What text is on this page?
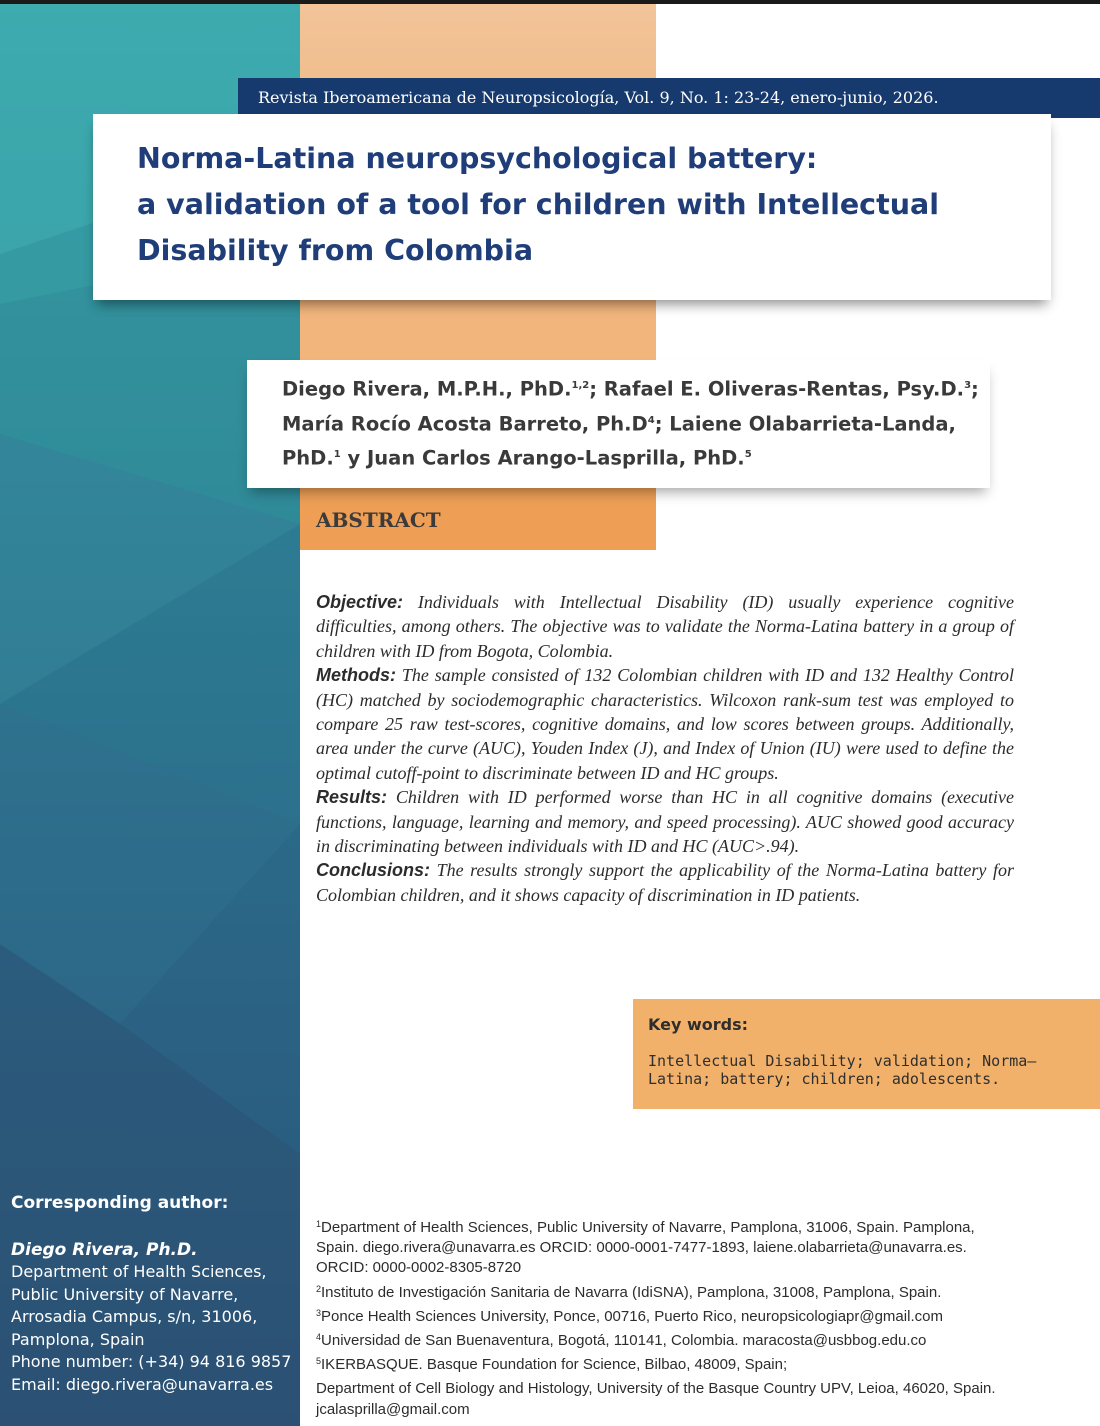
Revista Iberoamericana de Neuropsicología, Vol. 9, No. 1: 23-24, enero-junio, 2026.
Norma-Latina neuropsychological battery:
a validation of a tool for children with Intellectual
Disability from Colombia

Diego Rivera, M.P.H., PhD.$^{1,2}$; Rafael E. Oliveras-Rentas, Psy.D.$^3$; María Rocío Acosta Barreto, $Ph.D^4$; Laiene Olabarrieta-Landa, PhD.$^1$ y Juan Carlos Arango-Lasprilla, PhD.$^5$

ABSTRACT

Objective: Individuals with Intellectual Disability (ID) usually experience cognitive difficulties, among others. The objective was to validate the Norma-Latina battery in a group of children with ID from Bogota, Colombia.

Methods: The sample consisted of 132 Colombian children with ID and 132 Healthy Control (HC) matched by sociodemographic characteristics. Wilcoxon rank-sum test was employed to compare 25 raw test-scores, cognitive domains, and low scores between groups. Additionally, area under the curve (AUC), Youden Index (J), and Index of Union (IU) were used to define the optimal cutoff-point to discriminate between ID and HC groups.

Results: Children with ID performed worse than HC in all cognitive domains (executive functions, language, learning and memory, and speed processing). AUC showed good accuracy in discriminating between individuals with ID and HC (AUC>.94).

Conclusions: The results strongly support the applicability of the Norma-Latina battery for Colombian children, and it shows capacity of discrimination in ID patients.

Key words:

Intellectual Disability; validation; Norma–Latina; battery; children; adolescents.

Corresponding author:
Diego Rivera, Ph.D.
Department of Health Sciences,
Public University of Navarre,
Arrosadia Campus, s/n, 31006,
Pamplona, Spain
Phone number: (+34) 94 816 9857
Email: diego.rivera@unavarra.es

$^1$Department of Health Sciences, Public University of Navarre, Pamplona, 31006, Spain. Pamplona, Spain. diego.rivera@unavarra.es ORCID: 0000-0001-7477-1893, laiene.olabarrieta@unavarra.es. ORCID: 0000-0002-8305-8720

$^2$Instituto de Investigación Sanitaria de Navarra (IdiSNA), Pamplona, 31008, Pamplona, Spain.

$^3$Ponce Health Sciences University, Ponce, 00716, Puerto Rico, neuropsicologiapr@gmail.com

$^4$Universidad de San Buenaventura, Bogotá, 110141, Colombia. maracosta@usbbog.edu.co

$^5$IKERBASQUE. Basque Foundation for Science, Bilbao, 48009, Spain;

Department of Cell Biology and Histology, University of the Basque Country UPV, Leioa, 46020, Spain. jcalasprilla@gmail.com
